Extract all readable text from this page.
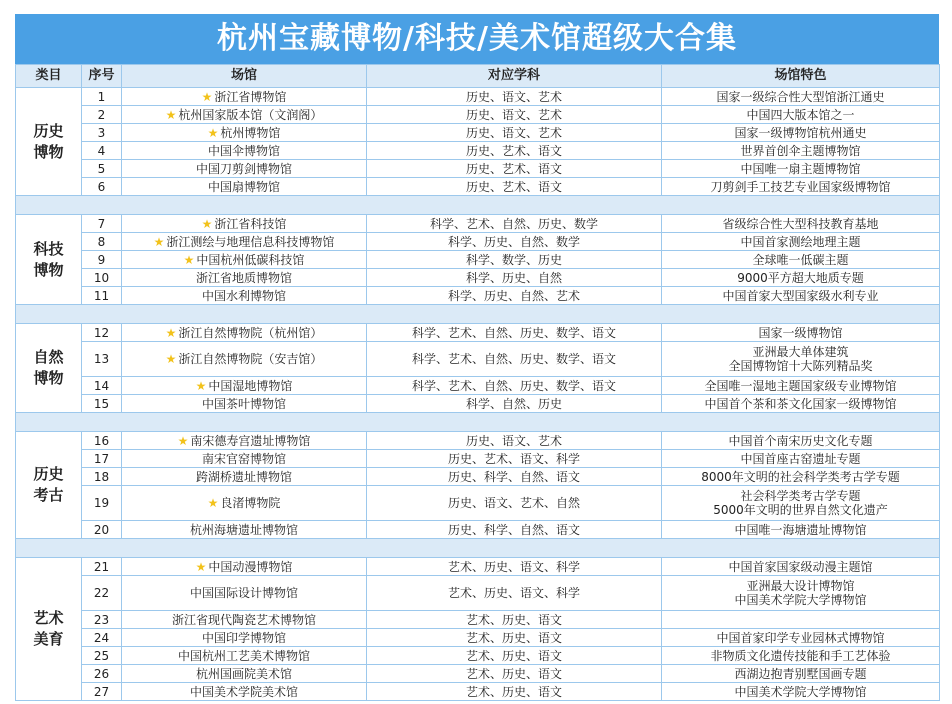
杭州宝藏博物/科技/美术馆超级大合集
类目	序号	场馆	对应学科	场馆特色

历史
博物	1	★ 浙江省博物馆	历史、语文、艺术	国家一级综合性大型馆浙江通史

	2	★ 杭州国家版本馆（文润阁）	历史、语文、艺术	中国四大版本馆之一

	3	★ 杭州博物馆	历史、语文、艺术	国家一级博物馆杭州通史

	4	中国伞博物馆	历史、艺术、语文	世界首创伞主题博物馆

	5	中国刀剪剑博物馆	历史、艺术、语文	中国唯一扇主题博物馆

	6	中国扇博物馆	历史、艺术、语文	刀剪剑手工技艺专业国家级博物馆

科技
博物	7	★ 浙江省科技馆	科学、艺术、自然、历史、数学	省级综合性大型科技教育基地

	8	★ 浙江测绘与地理信息科技博物馆	科学、历史、自然、数学	中国首家测绘地理主题

	9	★ 中国杭州低碳科技馆	科学、数学、历史	全球唯一低碳主题

	10	浙江省地质博物馆	科学、历史、自然	9000平方超大地质专题

	11	中国水利博物馆	科学、历史、自然、艺术	中国首家大型国家级水利专业

自然
博物	12	★ 浙江自然博物院（杭州馆）	科学、艺术、自然、历史、数学、语文	国家一级博物馆

	13	★ 浙江自然博物院（安吉馆）	科学、艺术、自然、历史、数学、语文	亚洲最大单体建筑
全国博物馆十大陈列精品奖

	14	★ 中国湿地博物馆	科学、艺术、自然、历史、数学、语文	全国唯一湿地主题国家级专业博物馆

	15	中国茶叶博物馆	科学、自然、历史	中国首个茶和茶文化国家一级博物馆

历史
考古	16	★ 南宋德寿宫遗址博物馆	历史、语文、艺术	中国首个南宋历史文化专题

	17	南宋官窑博物馆	历史、艺术、语文、科学	中国首座古窑遗址专题

	18	跨湖桥遗址博物馆	历史、科学、自然、语文	8000年文明的社会科学类考古学专题

	19	★ 良渚博物院	历史、语文、艺术、自然	社会科学类考古学专题
5000年文明的世界自然文化遗产

	20	杭州海塘遗址博物馆	历史、科学、自然、语文	中国唯一海塘遗址博物馆

艺术
美育	21	★ 中国动漫博物馆	艺术、历史、语文、科学	中国首家国家级动漫主题馆

	22	中国国际设计博物馆	艺术、历史、语文、科学	亚洲最大设计博物馆
中国美术学院大学博物馆

	23	浙江省现代陶瓷艺术博物馆	艺术、历史、语文	

	24	中国印学博物馆	艺术、历史、语文	中国首家印学专业园林式博物馆

	25	中国杭州工艺美术博物馆	艺术、历史、语文	非物质文化遗传技能和手工艺体验

	26	杭州国画院美术馆	艺术、历史、语文	西湖边抱青别墅国画专题

	27	中国美术学院美术馆	艺术、历史、语文	中国美术学院大学博物馆
